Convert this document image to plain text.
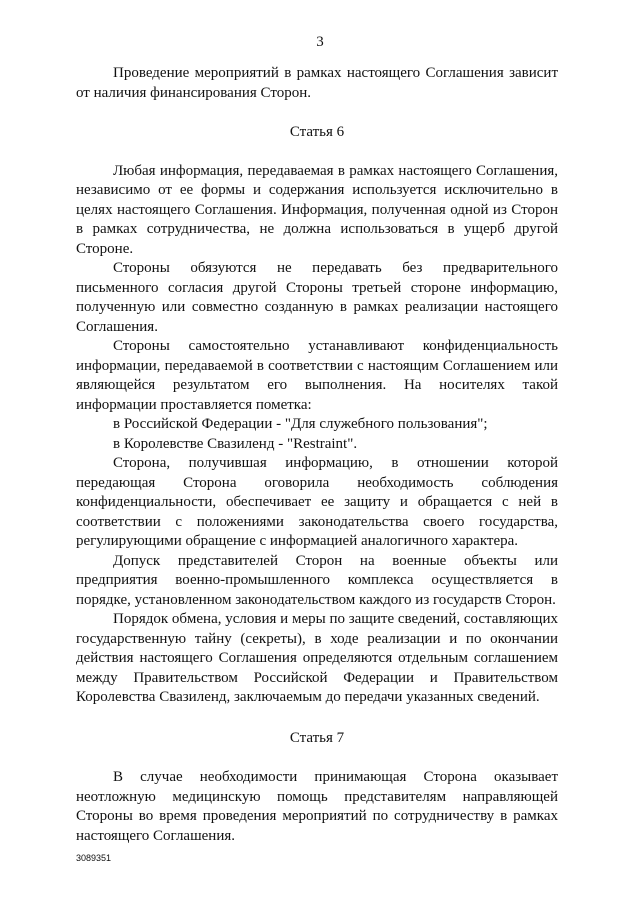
3

Проведение мероприятий в рамках настоящего Соглашения зависит от наличия финансирования Сторон.

Статья 6

Любая информация, передаваемая в рамках настоящего Соглашения, независимо от ее формы и содержания используется исключительно в целях настоящего Соглашения. Информация, полученная одной из Сторон в рамках сотрудничества, не должна использоваться в ущерб другой Стороне.

Стороны обязуются не передавать без предварительного письменного согласия другой Стороны третьей стороне информацию, полученную или совместно созданную в рамках реализации настоящего Соглашения.

Стороны самостоятельно устанавливают конфиденциальность информации, передаваемой в соответствии с настоящим Соглашением или являющейся результатом его выполнения. На носителях такой информации проставляется пометка:

в Российской Федерации - "Для служебного пользования";

в Королевстве Свазиленд - "Restraint".

Сторона, получившая информацию, в отношении которой передающая Сторона оговорила необходимость соблюдения конфиденциальности, обеспечивает ее защиту и обращается с ней в соответствии с положениями законодательства своего государства, регулирующими обращение с информацией аналогичного характера.

Допуск представителей Сторон на военные объекты или предприятия военно-промышленного комплекса осуществляется в порядке, установленном законодательством каждого из государств Сторон.

Порядок обмена, условия и меры по защите сведений, составляющих государственную тайну (секреты), в ходе реализации и по окончании действия настоящего Соглашения определяются отдельным соглашением между Правительством Российской Федерации и Правительством Королевства Свазиленд, заключаемым до передачи указанных сведений.

Статья 7

В случае необходимости принимающая Сторона оказывает неотложную медицинскую помощь представителям направляющей Стороны во время проведения мероприятий по сотрудничеству в рамках настоящего Соглашения.

3089351
